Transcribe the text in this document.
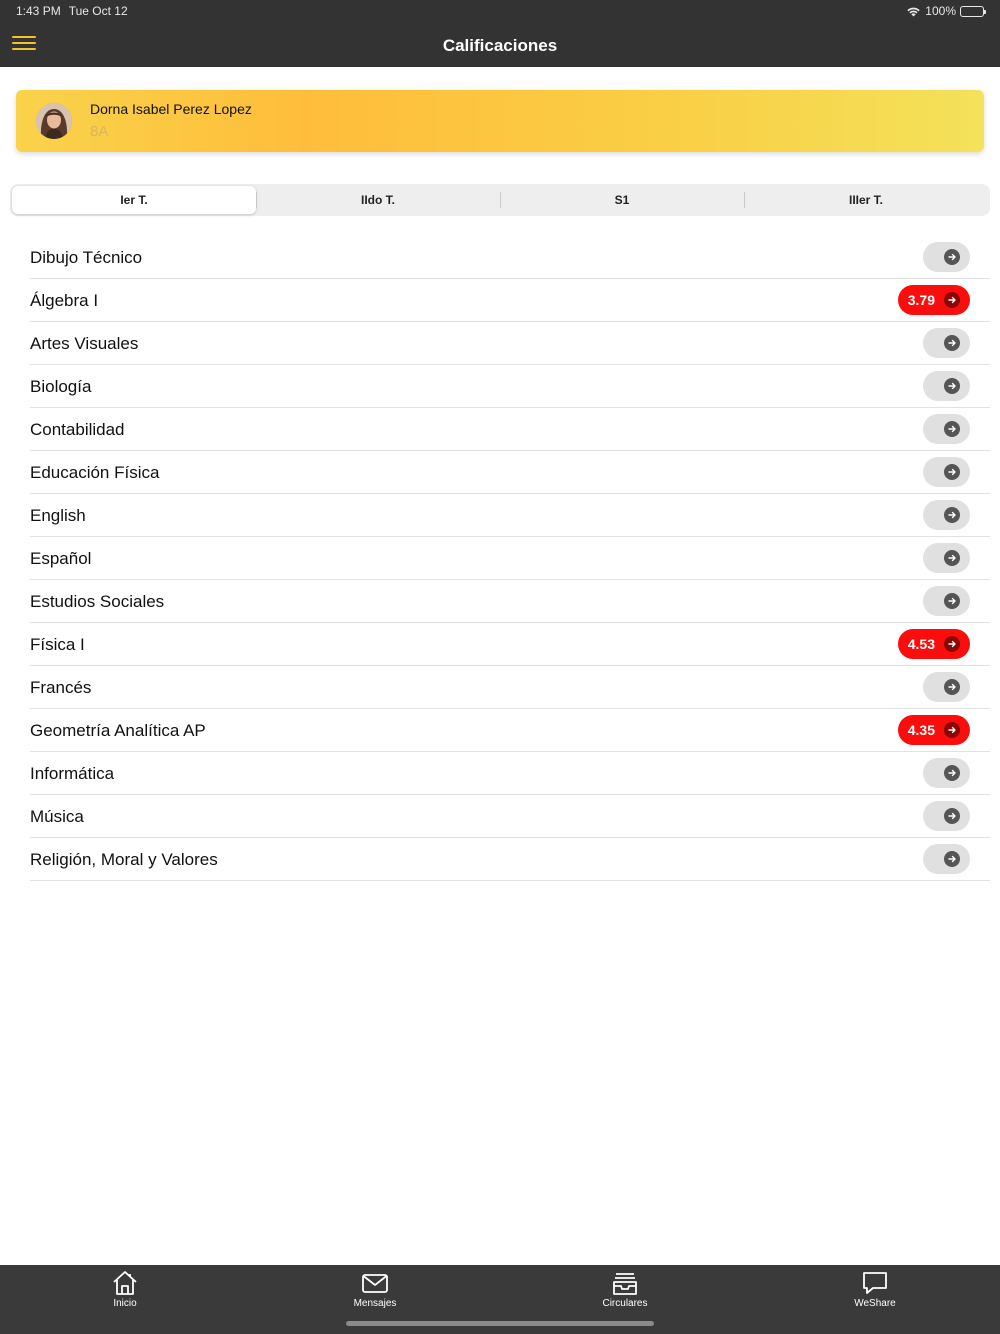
1:43 PM Tue Oct 12	100%
Calificaciones
Dorna Isabel Perez Lopez
8A
Ier T.	IIdo T.	S1	IIIer T.
Dibujo Técnico
Álgebra I	3.79
Artes Visuales
Biología
Contabilidad
Educación Física
English
Español
Estudios Sociales
Física I	4.53
Francés
Geometría Analítica AP	4.35
Informática
Música
Religión, Moral y Valores
Inicio	Mensajes	Circulares	WeShare
